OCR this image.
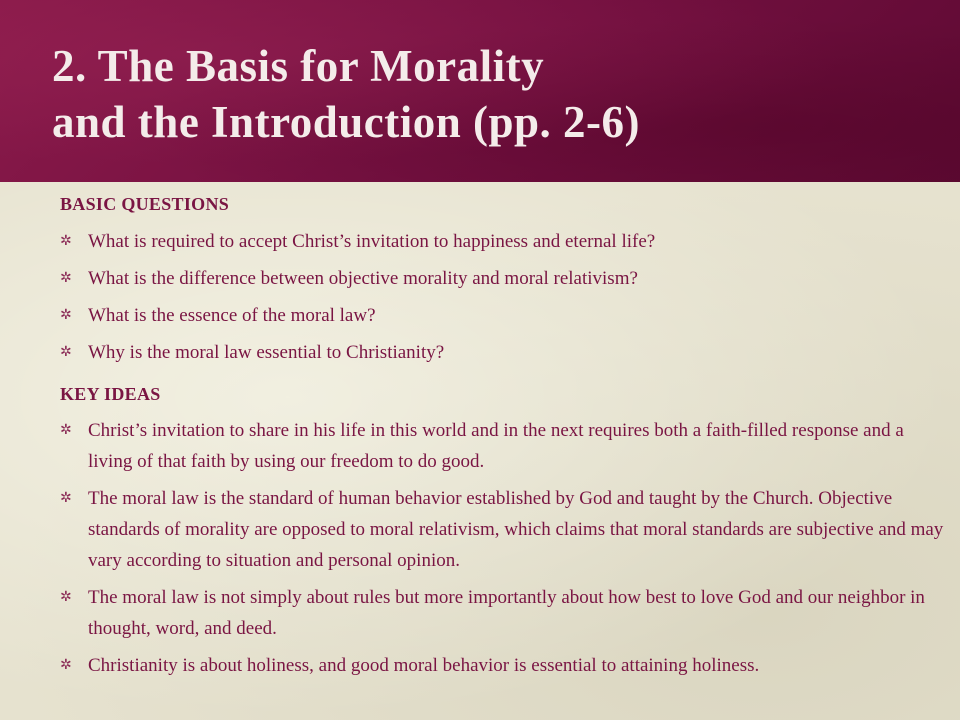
2. The Basis for Morality
and the Introduction (pp. 2-6)
BASIC QUESTIONS
✲ What is required to accept Christ’s invitation to happiness and eternal life?
✲ What is the difference between objective morality and moral relativism?
✲ What is the essence of the moral law?
✲ Why is the moral law essential to Christianity?
KEY IDEAS
✲ Christ’s invitation to share in his life in this world and in the next requires both a faith-filled response and a living of that faith by using our freedom to do good.
✲ The moral law is the standard of human behavior established by God and taught by the Church. Objective standards of morality are opposed to moral relativism, which claims that moral standards are subjective and may vary according to situation and personal opinion.
✲ The moral law is not simply about rules but more importantly about how best to love God and our neighbor in thought, word, and deed.
✲ Christianity is about holiness, and good moral behavior is essential to attaining holiness.
